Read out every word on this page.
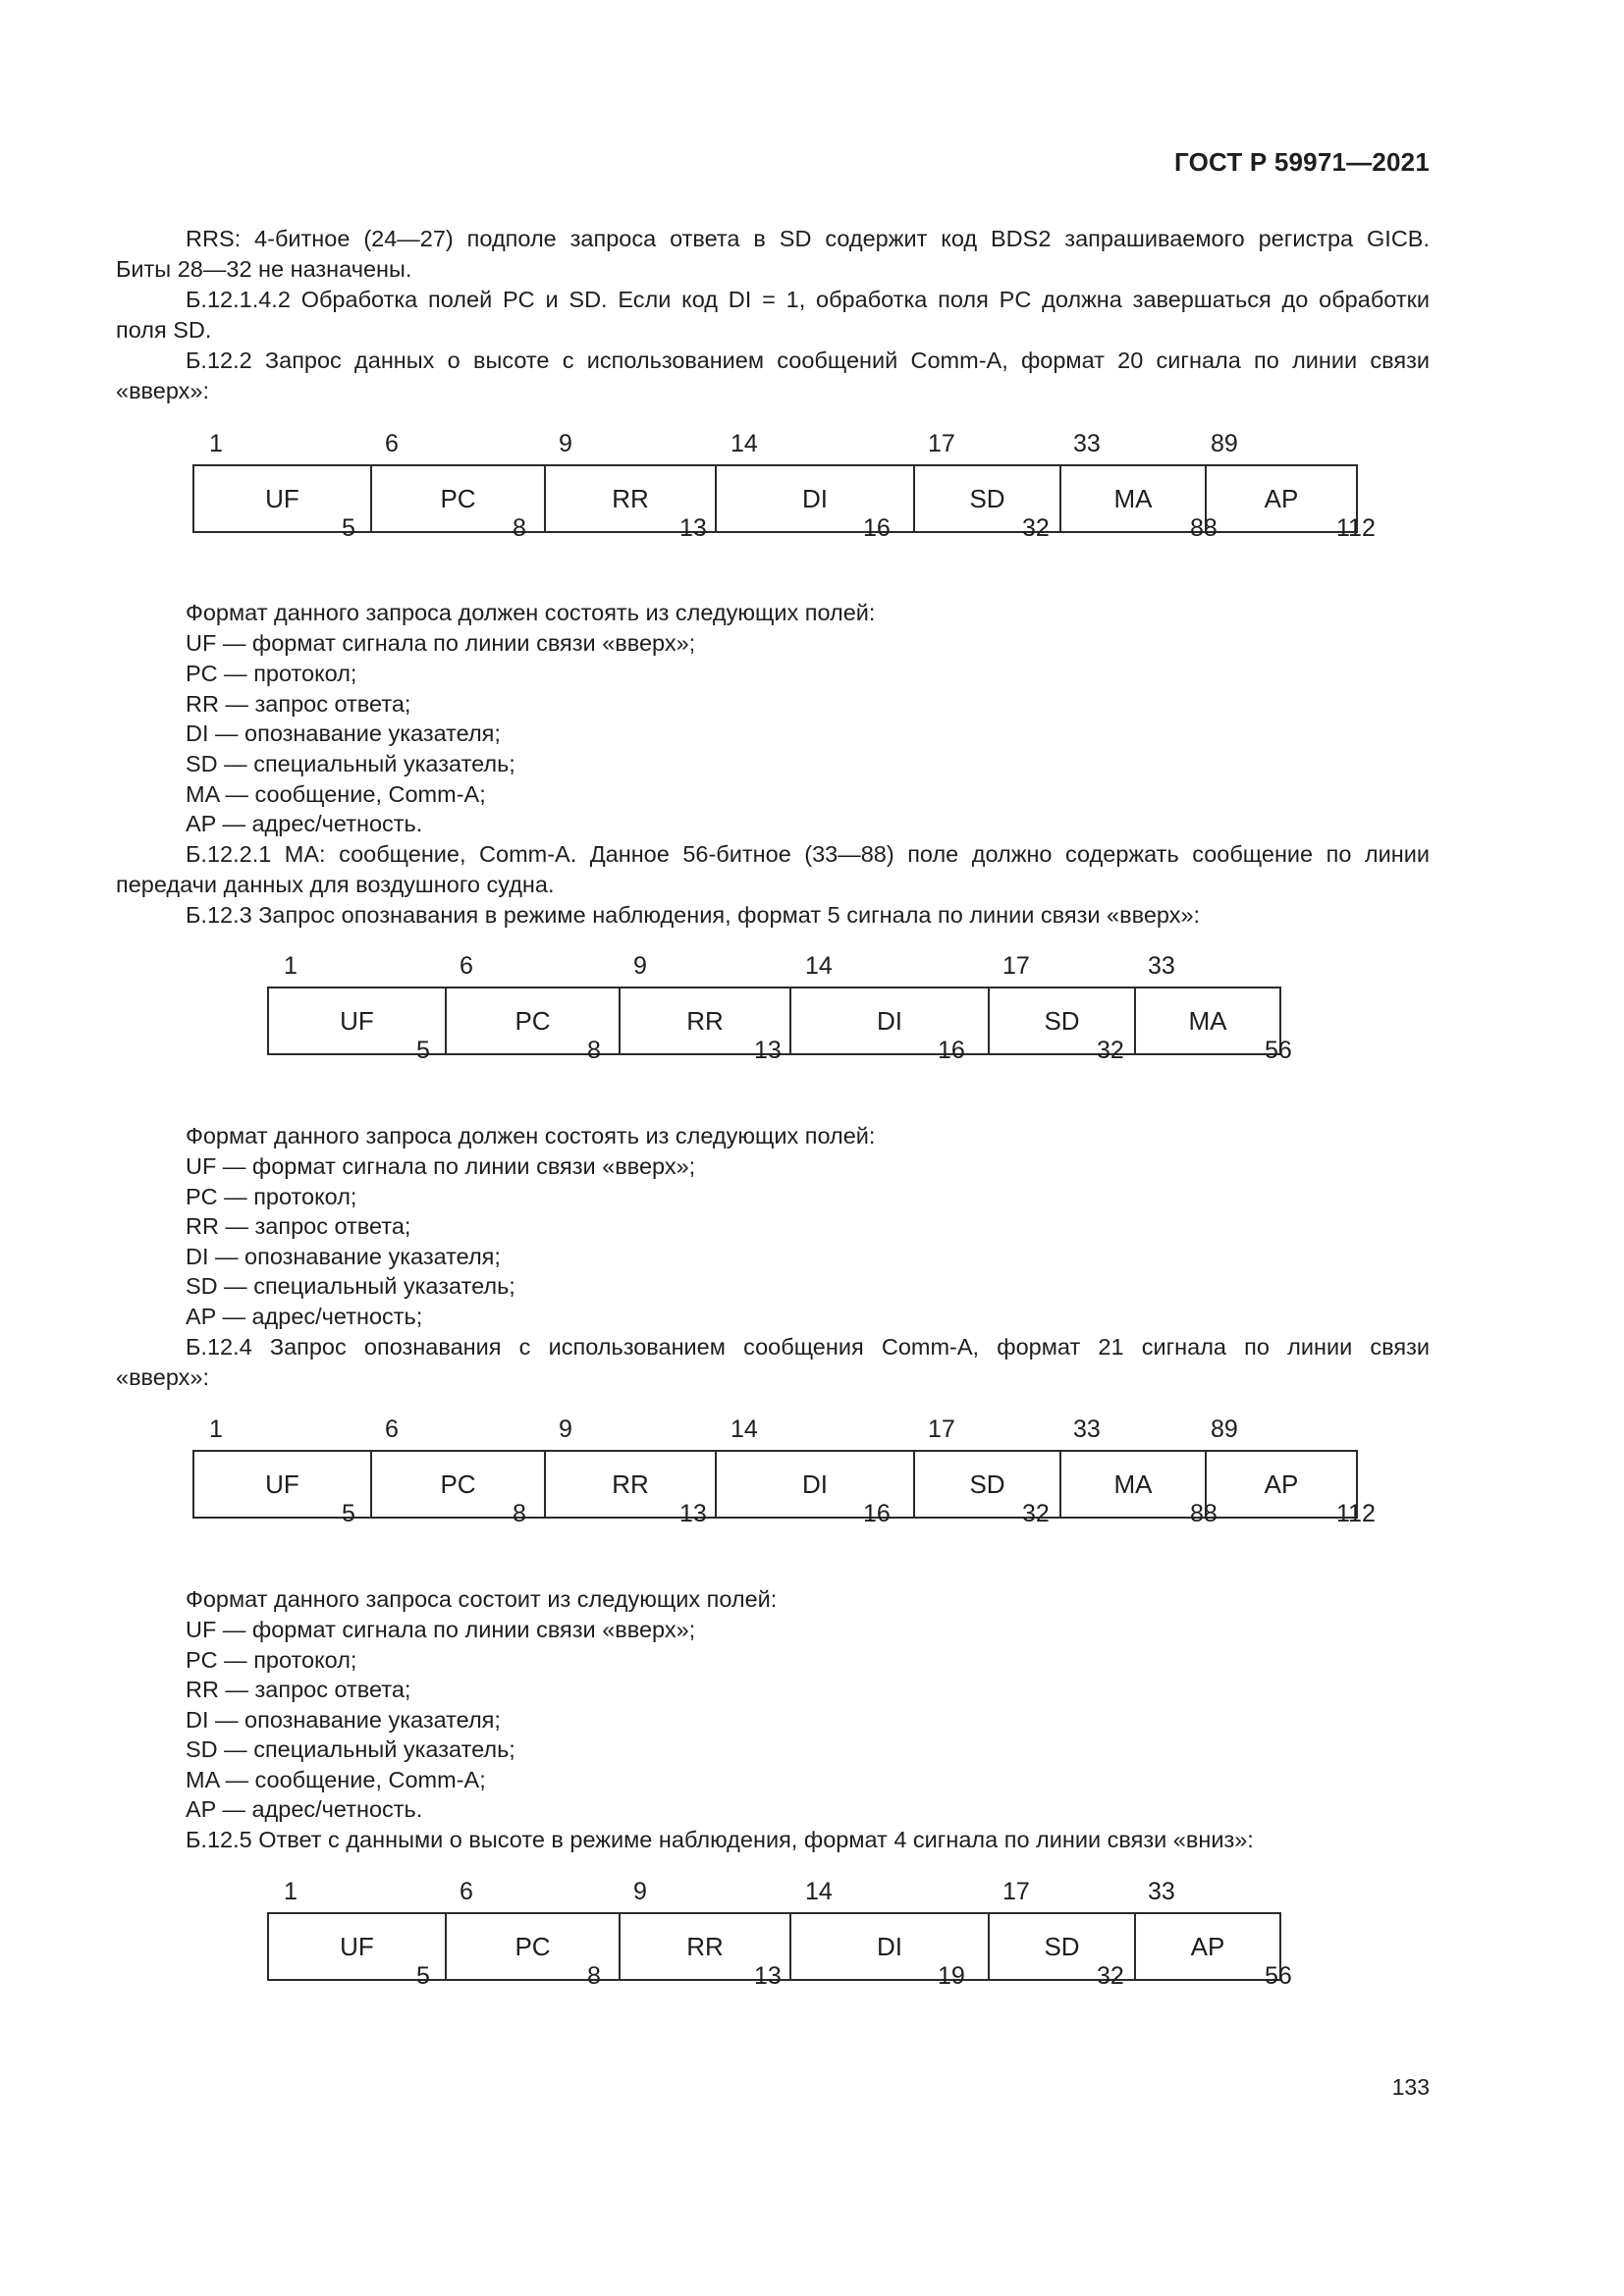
ГОСТ Р 59971—2021
RRS: 4-битное (24—27) подполе запроса ответа в SD содержит код BDS2 запрашиваемого регистра GICB.
Биты 28—32 не назначены.
Б.12.1.4.2 Обработка полей PC и SD. Если код DI = 1, обработка поля PC должна завершаться до обработки
поля SD.
Б.12.2 Запрос данных о высоте с использованием сообщений Comm-A, формат 20 сигнала по линии связи
«вверх»:
UF	PC	RR	DI	SD	MA	AP
1	6	9	14	17	33	89
5	8	13	16	32	88	112
Формат данного запроса должен состоять из следующих полей:
UF — формат сигнала по линии связи «вверх»;
PC — протокол;
RR — запрос ответа;
DI — опознавание указателя;
SD — специальный указатель;
MA — сообщение, Comm-A;
AP — адрес/четность.
Б.12.2.1 MA: сообщение, Comm-A. Данное 56-битное (33—88) поле должно содержать сообщение по линии
передачи данных для воздушного судна.
Б.12.3 Запрос опознавания в режиме наблюдения, формат 5 сигнала по линии связи «вверх»:
UF	PC	RR	DI	SD	MA
1	6	9	14	17	33
5	8	13	16	32	56
Формат данного запроса должен состоять из следующих полей:
UF — формат сигнала по линии связи «вверх»;
PC — протокол;
RR — запрос ответа;
DI — опознавание указателя;
SD — специальный указатель;
AP — адрес/четность;
Б.12.4 Запрос опознавания с использованием сообщения Comm-A, формат 21 сигнала по линии связи
«вверх»:
UF	PC	RR	DI	SD	MA	AP
1	6	9	14	17	33	89
5	8	13	16	32	88	112
Формат данного запроса состоит из следующих полей:
UF — формат сигнала по линии связи «вверх»;
PC — протокол;
RR — запрос ответа;
DI — опознавание указателя;
SD — специальный указатель;
MA — сообщение, Comm-A;
AP — адрес/четность.
Б.12.5 Ответ с данными о высоте в режиме наблюдения, формат 4 сигнала по линии связи «вниз»:
UF	PC	RR	DI	SD	AP
1	6	9	14	17	33
5	8	13	19	32	56
133
